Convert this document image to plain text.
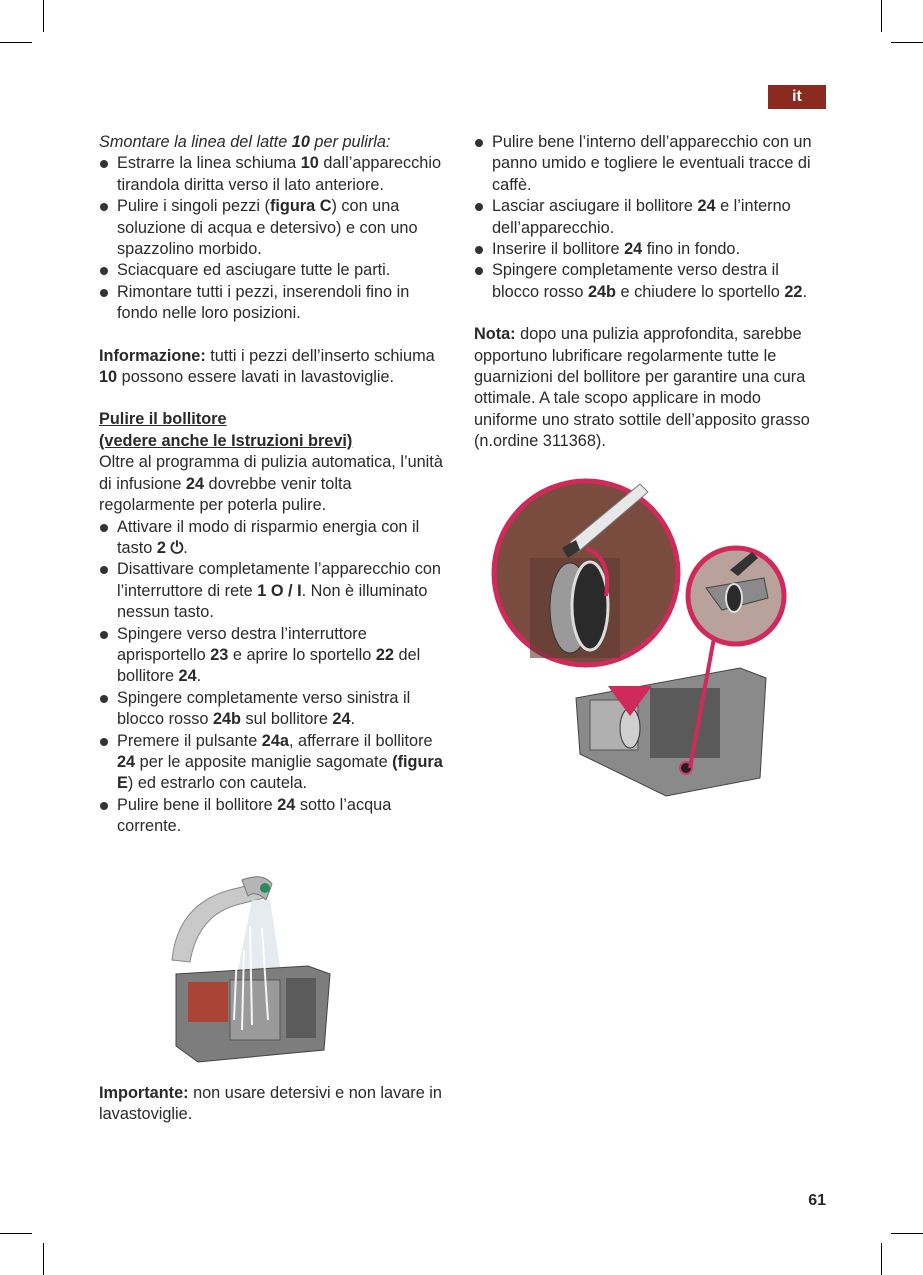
it

Smontare la linea del latte 10 per pulirla:

Estrarre la linea schiuma 10 dall’apparecchio tirandola diritta verso il lato anteriore.
Pulire i singoli pezzi (figura C) con una soluzione di acqua e detersivo) e con uno spazzolino morbido.
Sciacquare ed asciugare tutte le parti.
Rimontare tutti i pezzi, inserendoli fino in fondo nelle loro posizioni.

Informazione: tutti i pezzi dell’inserto schiuma 10 possono essere lavati in lavastoviglie.

Pulire il bollitore

(vedere anche le Istruzioni brevi)

Oltre al programma di pulizia automatica, l’unità di infusione 24 dovrebbe venir tolta regolarmente per poterla pulire.

Attivare il modo di risparmio energia con il tasto 2 ⏻.
Disattivare completamente l’apparecchio con l’interruttore di rete 1 O / I. Non è illuminato nessun tasto.
Spingere verso destra l’interruttore aprisportello 23 e aprire lo sportello 22 del bollitore 24.
Spingere completamente verso sinistra il blocco rosso 24b sul bollitore 24.
Premere il pulsante 24a, afferrare il bollitore 24 per le apposite maniglie sagomate (figura E) ed estrarlo con cautela.
Pulire bene il bollitore 24 sotto l’acqua corrente.

Importante: non usare detersivi e non lavare in lavastoviglie.

Pulire bene l’interno dell’apparecchio con un panno umido e togliere le eventuali tracce di caffè.
Lasciar asciugare il bollitore 24 e l’interno dell’apparecchio.
Inserire il bollitore 24 fino in fondo.
Spingere completamente verso destra il blocco rosso 24b e chiudere lo sportello 22.

Nota: dopo una pulizia approfondita, sarebbe opportuno lubrificare regolarmente tutte le guarnizioni del bollitore per garantire una cura ottimale. A tale scopo applicare in modo uniforme uno strato sottile dell’apposito grasso (n.ordine 311368).

61
